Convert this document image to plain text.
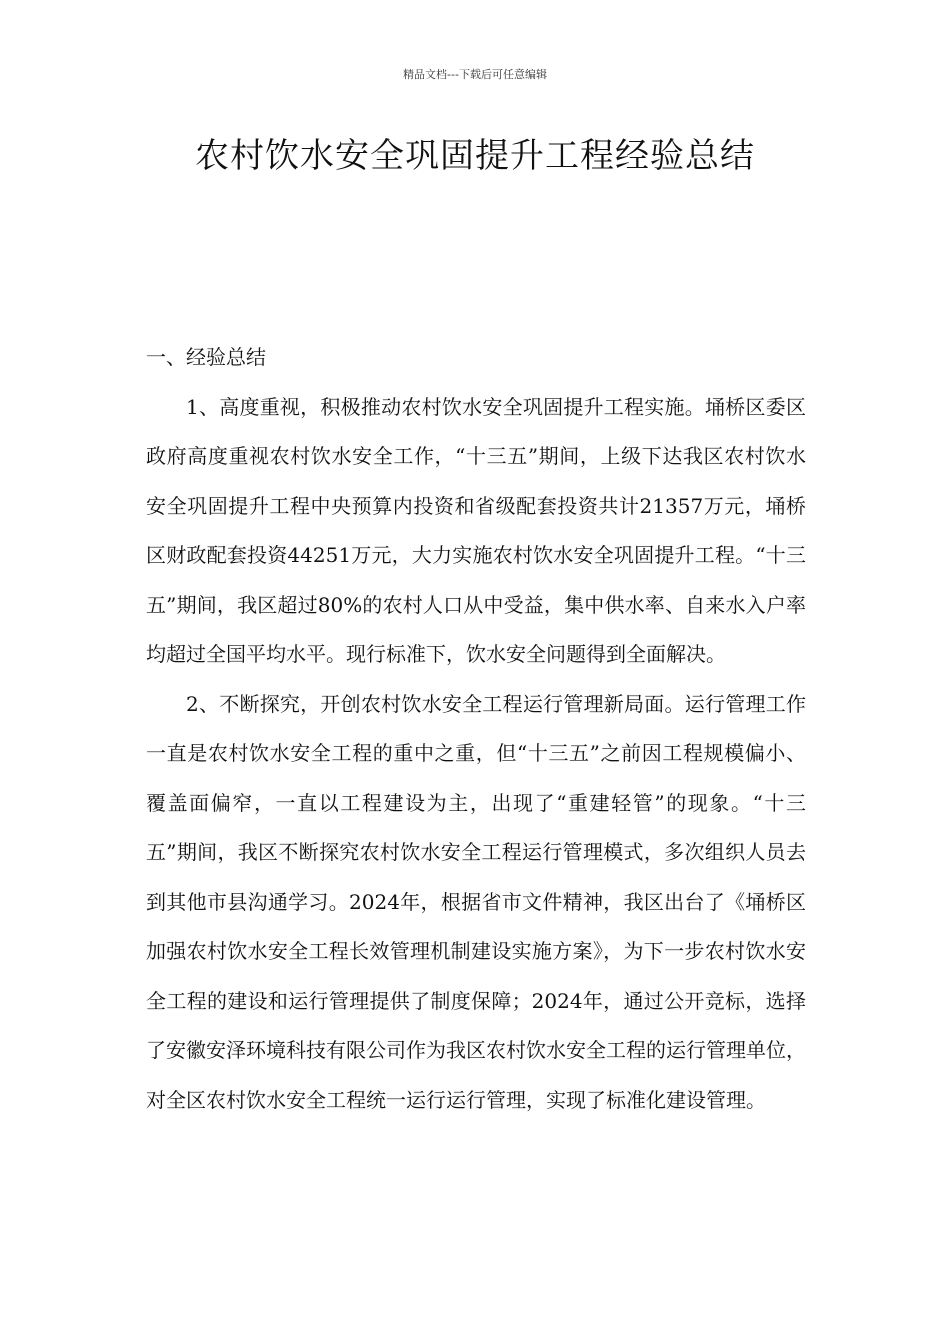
精品文档---下载后可任意编辑
农村饮水安全巩固提升工程经验总结
一、经验总结

1、高度重视，积极推动农村饮水安全巩固提升工程实施。埇桥区委区政府高度重视农村饮水安全工作，“十三五”期间，上级下达我区农村饮水安全巩固提升工程中央预算内投资和省级配套投资共计21357万元，埇桥区财政配套投资44251万元，大力实施农村饮水安全巩固提升工程。“十三五”期间，我区超过80%的农村人口从中受益，集中供水率、自来水入户率均超过全国平均水平。现行标准下，饮水安全问题得到全面解决。

2、不断探究，开创农村饮水安全工程运行管理新局面。运行管理工作一直是农村饮水安全工程的重中之重，但“十三五”之前因工程规模偏小、覆盖面偏窄，一直以工程建设为主，出现了“重建轻管”的现象。“十三五”期间，我区不断探究农村饮水安全工程运行管理模式，多次组织人员去到其他市县沟通学习。2024年，根据省市文件精神，我区出台了《埇桥区加强农村饮水安全工程长效管理机制建设实施方案》，为下一步农村饮水安全工程的建设和运行管理提供了制度保障；2024年，通过公开竞标，选择了安徽安泽环境科技有限公司作为我区农村饮水安全工程的运行管理单位，对全区农村饮水安全工程统一运行运行管理，实现了标准化建设管理。
